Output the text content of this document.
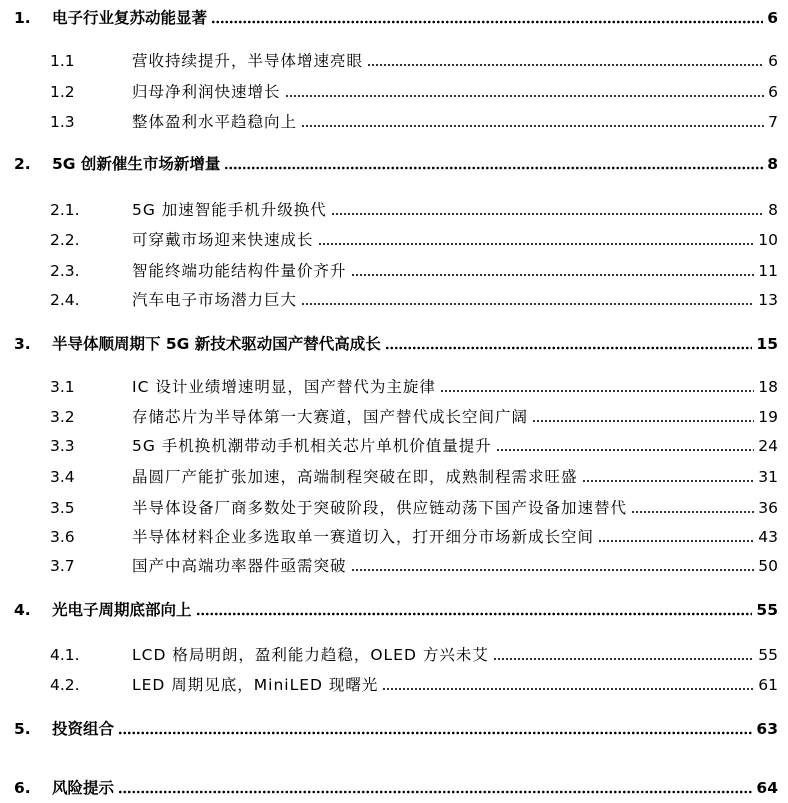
1. 电子行业复苏动能显著	6
1.1	营收持续提升，半导体增速亮眼	6
1.2	归母净利润快速增长	6
1.3	整体盈利水平趋稳向上	7
2. 5G 创新催生市场新增量	8
2.1.	5G 加速智能手机升级换代	8
2.2.	可穿戴市场迎来快速成长	10
2.3.	智能终端功能结构件量价齐升	11
2.4.	汽车电子市场潜力巨大	13
3. 半导体顺周期下 5G 新技术驱动国产替代高成长	15
3.1	IC 设计业绩增速明显，国产替代为主旋律	18
3.2	存储芯片为半导体第一大赛道，国产替代成长空间广阔	19
3.3	5G 手机换机潮带动手机相关芯片单机价值量提升	24
3.4	晶圆厂产能扩张加速，高端制程突破在即，成熟制程需求旺盛	31
3.5	半导体设备厂商多数处于突破阶段，供应链动荡下国产设备加速替代	36
3.6	半导体材料企业多选取单一赛道切入，打开细分市场新成长空间	43
3.7	国产中高端功率器件亟需突破	50
4. 光电子周期底部向上	55
4.1.	LCD 格局明朗，盈利能力趋稳，OLED 方兴未艾	55
4.2.	LED 周期见底，MiniLED 现曙光	61
5. 投资组合	63
6. 风险提示	64
